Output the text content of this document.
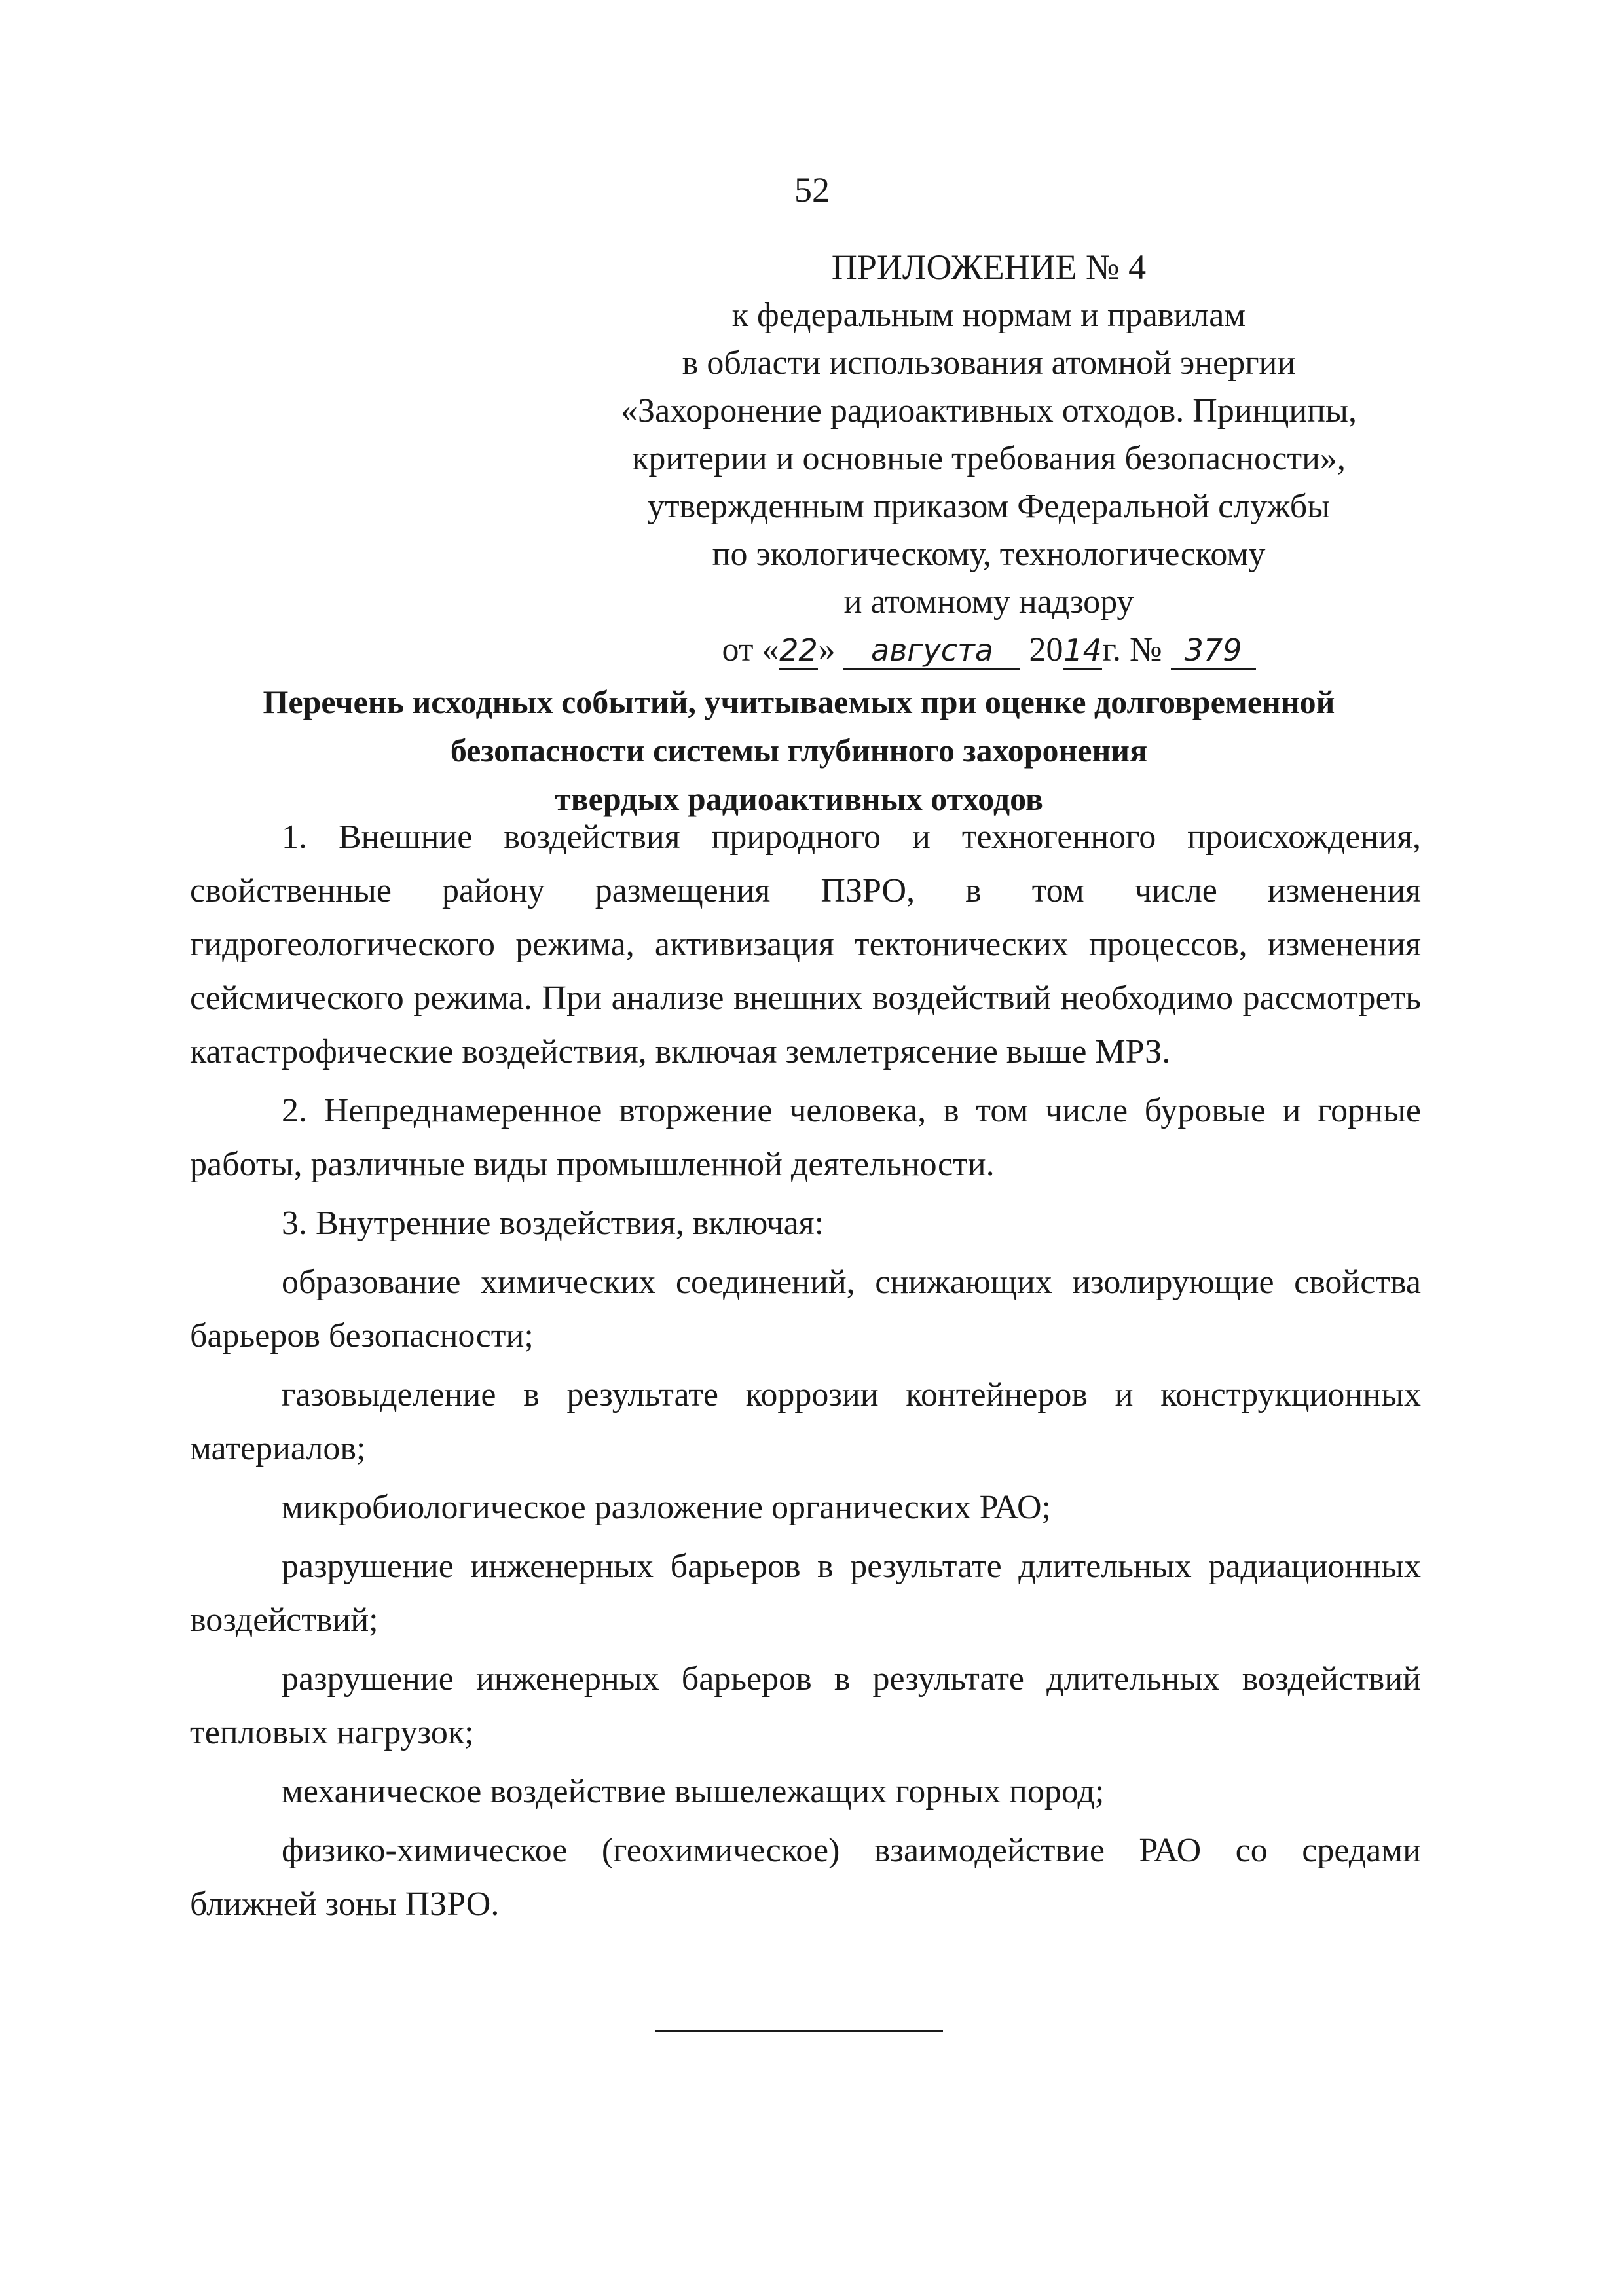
52
ПРИЛОЖЕНИЕ № 4
к федеральным нормам и правилам
в области использования атомной энергии
«Захоронение радиоактивных отходов. Принципы,
критерии и основные требования безопасности»,
утвержденным приказом Федеральной службы
по экологическому, технологическому
и атомному надзору
от «22» августа 2014г. № 379
Перечень исходных событий, учитываемых при оценке долговременной
безопасности системы глубинного захоронения
твердых радиоактивных отходов

1. Внешние воздействия природного и техногенного происхождения, свойственные району размещения ПЗРО, в том числе изменения гидрогеологического режима, активизация тектонических процессов, изменения сейсмического режима. При анализе внешних воздействий необходимо рассмотреть катастрофические воздействия, включая землетрясение выше МРЗ.

2. Непреднамеренное вторжение человека, в том числе буровые и горные работы, различные виды промышленной деятельности.

3. Внутренние воздействия, включая:

образование химических соединений, снижающих изолирующие свойства барьеров безопасности;

газовыделение в результате коррозии контейнеров и конструкционных материалов;

микробиологическое разложение органических РАО;

разрушение инженерных барьеров в результате длительных радиационных воздействий;

разрушение инженерных барьеров в результате длительных воздействий тепловых нагрузок;

механическое воздействие вышележащих горных пород;

физико-химическое (геохимическое) взаимодействие РАО со средами ближней зоны ПЗРО.
